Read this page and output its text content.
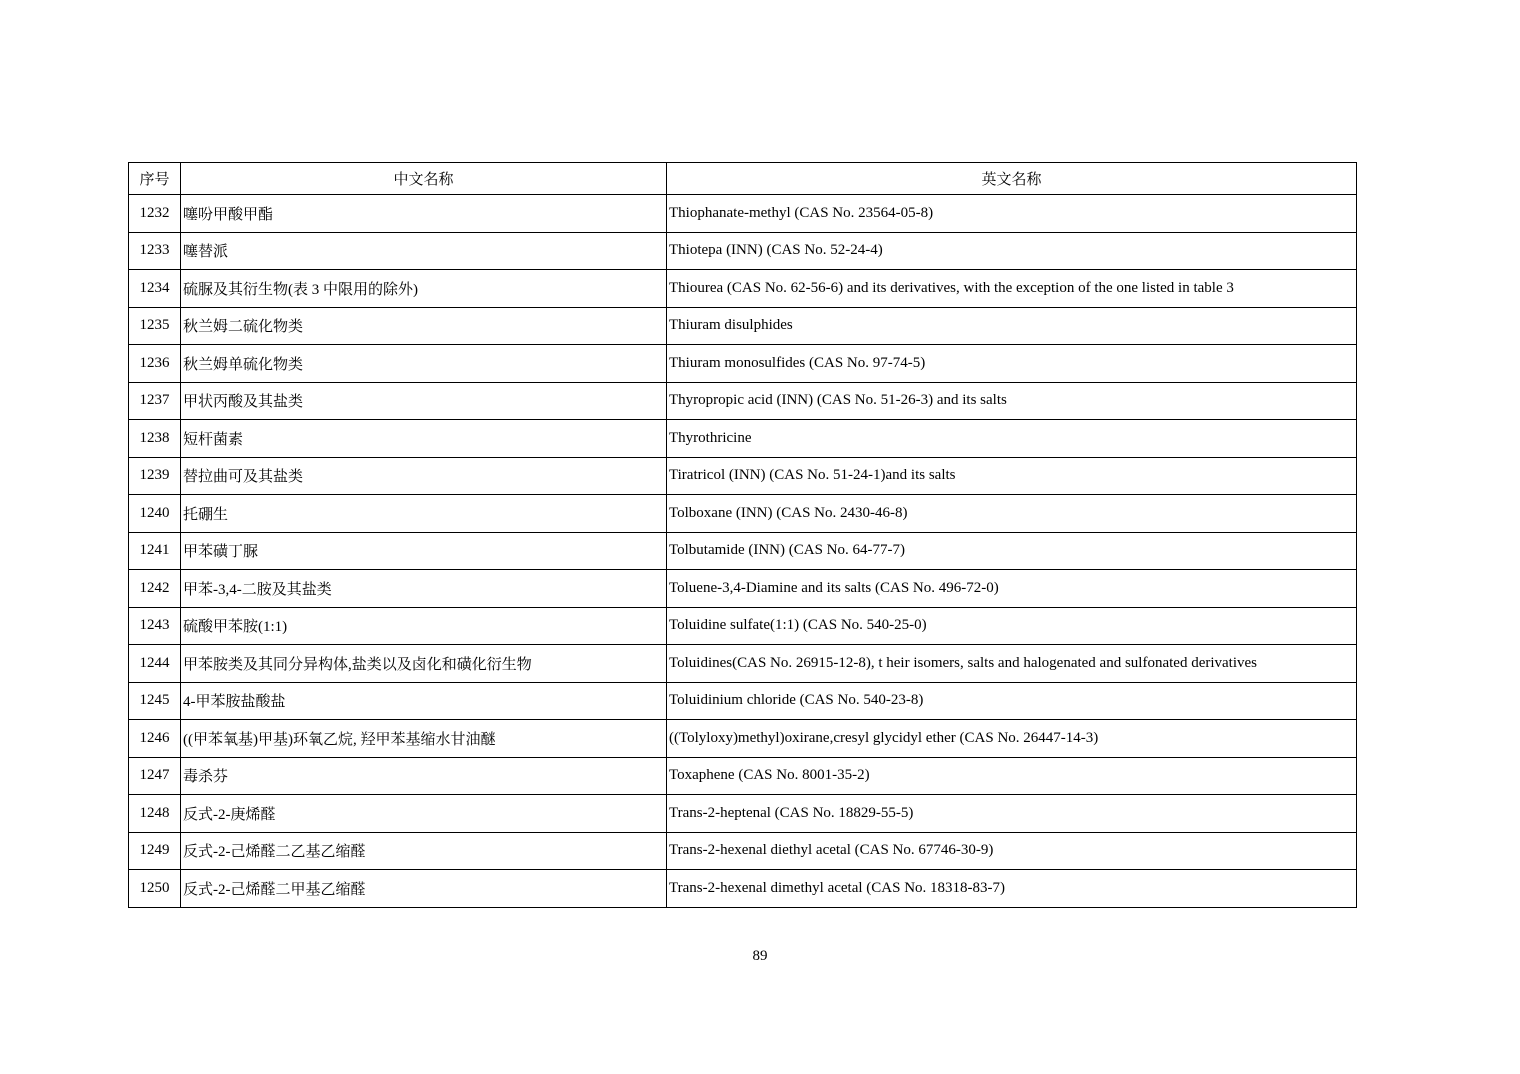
序号	中文名称	英文名称
1232	噻吩甲酸甲酯	Thiophanate-methyl (CAS No. 23564-05-8)
1233	噻替派	Thiotepa (INN) (CAS No. 52-24-4)
1234	硫脲及其衍生物(表 3 中限用的除外)	Thiourea (CAS No. 62-56-6) and its derivatives, with the exception of the one listed in table 3
1235	秋兰姆二硫化物类	Thiuram disulphides
1236	秋兰姆单硫化物类	Thiuram monosulfides (CAS No. 97-74-5)
1237	甲状丙酸及其盐类	Thyropropic acid (INN) (CAS No. 51-26-3) and its salts
1238	短杆菌素	Thyrothricine
1239	替拉曲可及其盐类	Tiratricol (INN) (CAS No. 51-24-1)and its salts
1240	托硼生	Tolboxane (INN) (CAS No. 2430-46-8)
1241	甲苯磺丁脲	Tolbutamide (INN) (CAS No. 64-77-7)
1242	甲苯-3,4-二胺及其盐类	Toluene-3,4-Diamine and its salts (CAS No. 496-72-0)
1243	硫酸甲苯胺(1:1)	Toluidine sulfate(1:1) (CAS No. 540-25-0)
1244	甲苯胺类及其同分异构体,盐类以及卤化和磺化衍生物	Toluidines(CAS No. 26915-12-8), t heir isomers, salts and halogenated and sulfonated derivatives
1245	4-甲苯胺盐酸盐	Toluidinium chloride (CAS No. 540-23-8)
1246	((甲苯氧基)甲基)环氧乙烷, 羟甲苯基缩水甘油醚	((Tolyloxy)methyl)oxirane,cresyl glycidyl ether (CAS No. 26447-14-3)
1247	毒杀芬	Toxaphene (CAS No. 8001-35-2)
1248	反式-2-庚烯醛	Trans-2-heptenal (CAS No. 18829-55-5)
1249	反式-2-己烯醛二乙基乙缩醛	Trans-2-hexenal diethyl acetal (CAS No. 67746-30-9)
1250	反式-2-己烯醛二甲基乙缩醛	Trans-2-hexenal dimethyl acetal (CAS No. 18318-83-7)
89
